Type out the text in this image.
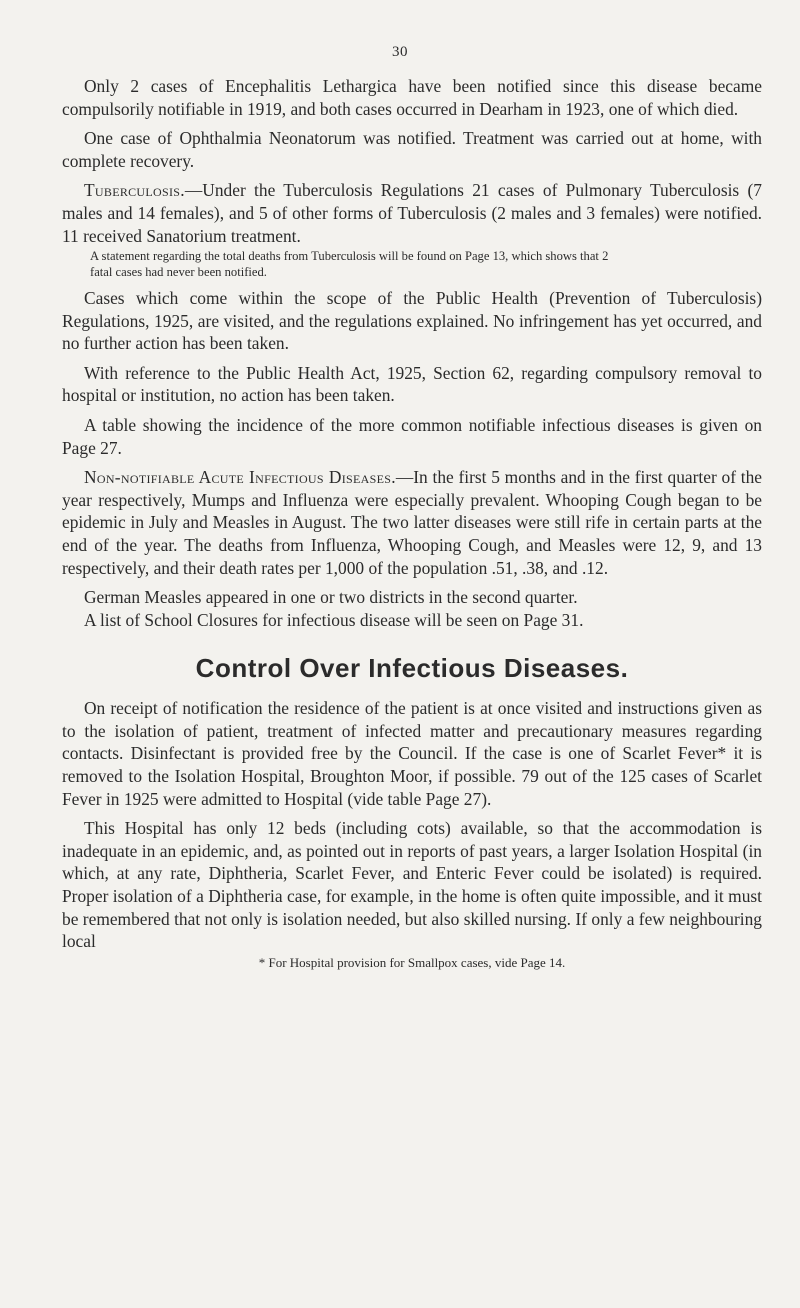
30

Only 2 cases of Encephalitis Lethargica have been notified since this disease became compulsorily notifiable in 1919, and both cases occurred in Dearham in 1923, one of which died.

One case of Ophthalmia Neonatorum was notified. Treatment was carried out at home, with complete recovery.

Tuberculosis.—Under the Tuberculosis Regulations 21 cases of Pulmonary Tuberculosis (7 males and 14 females), and 5 of other forms of Tuberculosis (2 males and 3 females) were notified. 11 received Sanatorium treatment.

A statement regarding the total deaths from Tuberculosis will be found on Page 13, which shows that 2 fatal cases had never been notified.

Cases which come within the scope of the Public Health (Prevention of Tuberculosis) Regulations, 1925, are visited, and the regulations explained. No infringement has yet occurred, and no further action has been taken.

With reference to the Public Health Act, 1925, Section 62, regarding compulsory removal to hospital or institution, no action has been taken.

A table showing the incidence of the more common notifiable infectious diseases is given on Page 27.

Non-notifiable Acute Infectious Diseases.—In the first 5 months and in the first quarter of the year respectively, Mumps and Influenza were especially prevalent. Whooping Cough began to be epidemic in July and Measles in August. The two latter diseases were still rife in certain parts at the end of the year. The deaths from Influenza, Whooping Cough, and Measles were 12, 9, and 13 respectively, and their death rates per 1,000 of the population .51, .38, and .12.

German Measles appeared in one or two districts in the second quarter.

A list of School Closures for infectious disease will be seen on Page 31.

Control Over Infectious Diseases.

On receipt of notification the residence of the patient is at once visited and instructions given as to the isolation of patient, treatment of infected matter and precautionary measures regarding contacts. Disinfectant is provided free by the Council. If the case is one of Scarlet Fever* it is removed to the Isolation Hospital, Broughton Moor, if possible. 79 out of the 125 cases of Scarlet Fever in 1925 were admitted to Hospital (vide table Page 27).

This Hospital has only 12 beds (including cots) available, so that the accommodation is inadequate in an epidemic, and, as pointed out in reports of past years, a larger Isolation Hospital (in which, at any rate, Diphtheria, Scarlet Fever, and Enteric Fever could be isolated) is required. Proper isolation of a Diphtheria case, for example, in the home is often quite impossible, and it must be remembered that not only is isolation needed, but also skilled nursing. If only a few neighbouring local

* For Hospital provision for Smallpox cases, vide Page 14.
